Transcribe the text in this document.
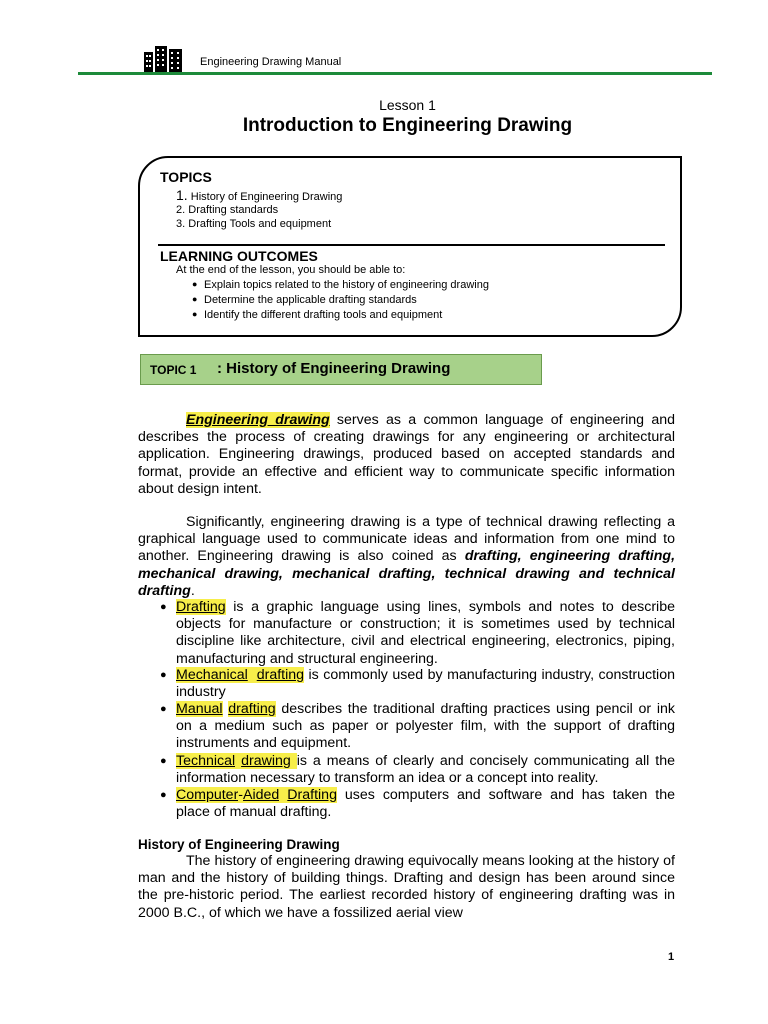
Engineering Drawing Manual
Lesson 1
Introduction to Engineering Drawing
TOPICS
1. History of Engineering Drawing
2. Drafting standards
3. Drafting Tools and equipment
LEARNING OUTCOMES
At the end of the lesson, you should be able to:
● Explain topics related to the history of engineering drawing
● Determine the applicable drafting standards
● Identify the different drafting tools and equipment
TOPIC 1 : History of Engineering Drawing
Engineering drawing serves as a common language of engineering and describes the process of creating drawings for any engineering or architectural application. Engineering drawings, produced based on accepted standards and format, provide an effective and efficient way to communicate specific information about design intent.
Significantly, engineering drawing is a type of technical drawing reflecting a graphical language used to communicate ideas and information from one mind to another. Engineering drawing is also coined as drafting, engineering drafting, mechanical drawing, mechanical drafting, technical drawing and technical drafting.
● Drafting is a graphic language using lines, symbols and notes to describe objects for manufacture or construction; it is sometimes used by technical discipline like architecture, civil and electrical engineering, electronics, piping, manufacturing and structural engineering.
● Mechanical drafting is commonly used by manufacturing industry, construction industry
● Manual drafting describes the traditional drafting practices using pencil or ink on a medium such as paper or polyester film, with the support of drafting instruments and equipment.
● Technical drawing is a means of clearly and concisely communicating all the information necessary to transform an idea or a concept into reality.
● Computer-Aided Drafting uses computers and software and has taken the place of manual drafting.
History of Engineering Drawing
The history of engineering drawing equivocally means looking at the history of man and the history of building things. Drafting and design has been around since the pre-historic period. The earliest recorded history of engineering drafting was in 2000 B.C., of which we have a fossilized aerial view
1
